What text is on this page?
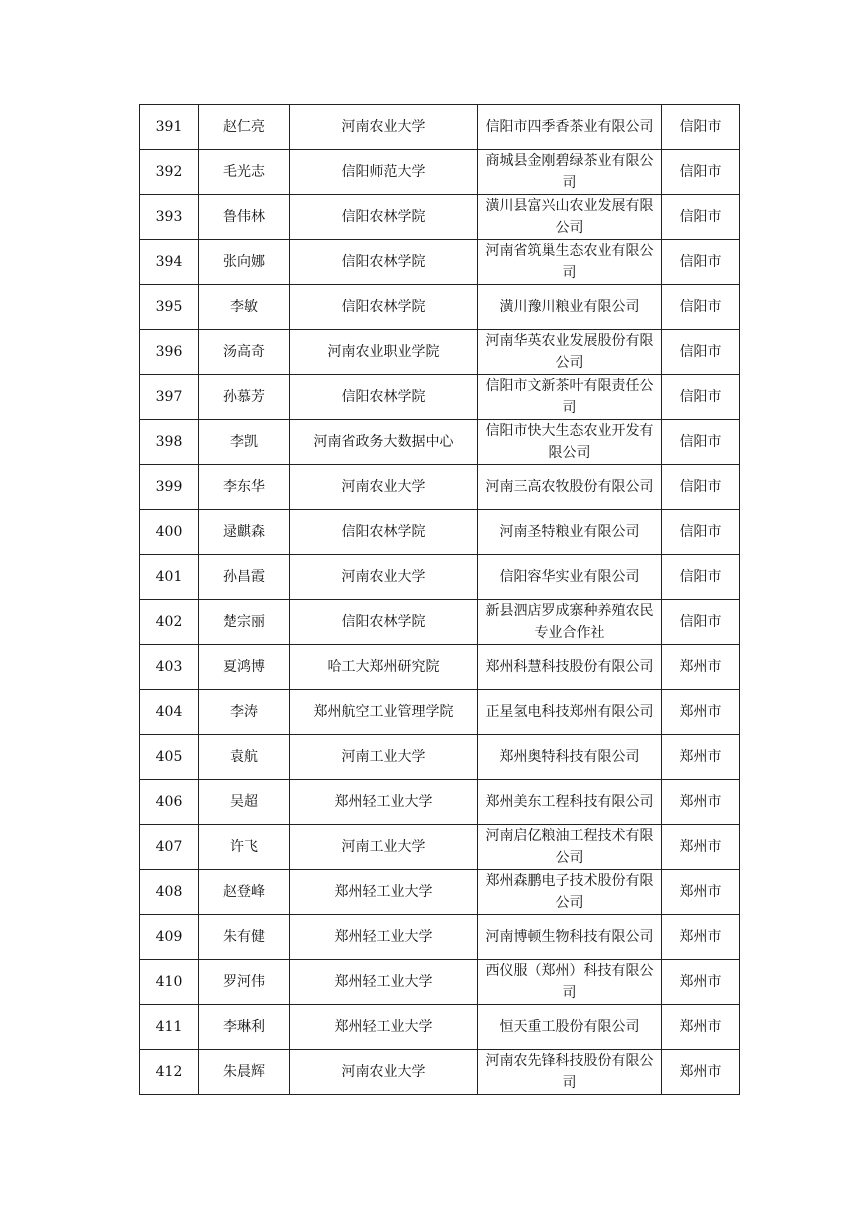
391	赵仁亮	河南农业大学	信阳市四季香茶业有限公司	信阳市
392	毛光志	信阳师范大学	商城县金刚碧绿茶业有限公司	信阳市
393	鲁伟林	信阳农林学院	潢川县富兴山农业发展有限公司	信阳市
394	张向娜	信阳农林学院	河南省筑巢生态农业有限公司	信阳市
395	李敏	信阳农林学院	潢川豫川粮业有限公司	信阳市
396	汤高奇	河南农业职业学院	河南华英农业发展股份有限公司	信阳市
397	孙慕芳	信阳农林学院	信阳市文新茶叶有限责任公司	信阳市
398	李凯	河南省政务大数据中心	信阳市快大生态农业开发有限公司	信阳市
399	李东华	河南农业大学	河南三高农牧股份有限公司	信阳市
400	逯麒森	信阳农林学院	河南圣特粮业有限公司	信阳市
401	孙昌霞	河南农业大学	信阳容华实业有限公司	信阳市
402	楚宗丽	信阳农林学院	新县泗店罗成寨种养殖农民专业合作社	信阳市
403	夏鸿博	哈工大郑州研究院	郑州科慧科技股份有限公司	郑州市
404	李涛	郑州航空工业管理学院	正星氢电科技郑州有限公司	郑州市
405	袁航	河南工业大学	郑州奥特科技有限公司	郑州市
406	吴超	郑州轻工业大学	郑州美东工程科技有限公司	郑州市
407	许飞	河南工业大学	河南启亿粮油工程技术有限公司	郑州市
408	赵登峰	郑州轻工业大学	郑州森鹏电子技术股份有限公司	郑州市
409	朱有健	郑州轻工业大学	河南博顿生物科技有限公司	郑州市
410	罗河伟	郑州轻工业大学	西仪服（郑州）科技有限公司	郑州市
411	李琳利	郑州轻工业大学	恒天重工股份有限公司	郑州市
412	朱晨辉	河南农业大学	河南农先锋科技股份有限公司	郑州市
